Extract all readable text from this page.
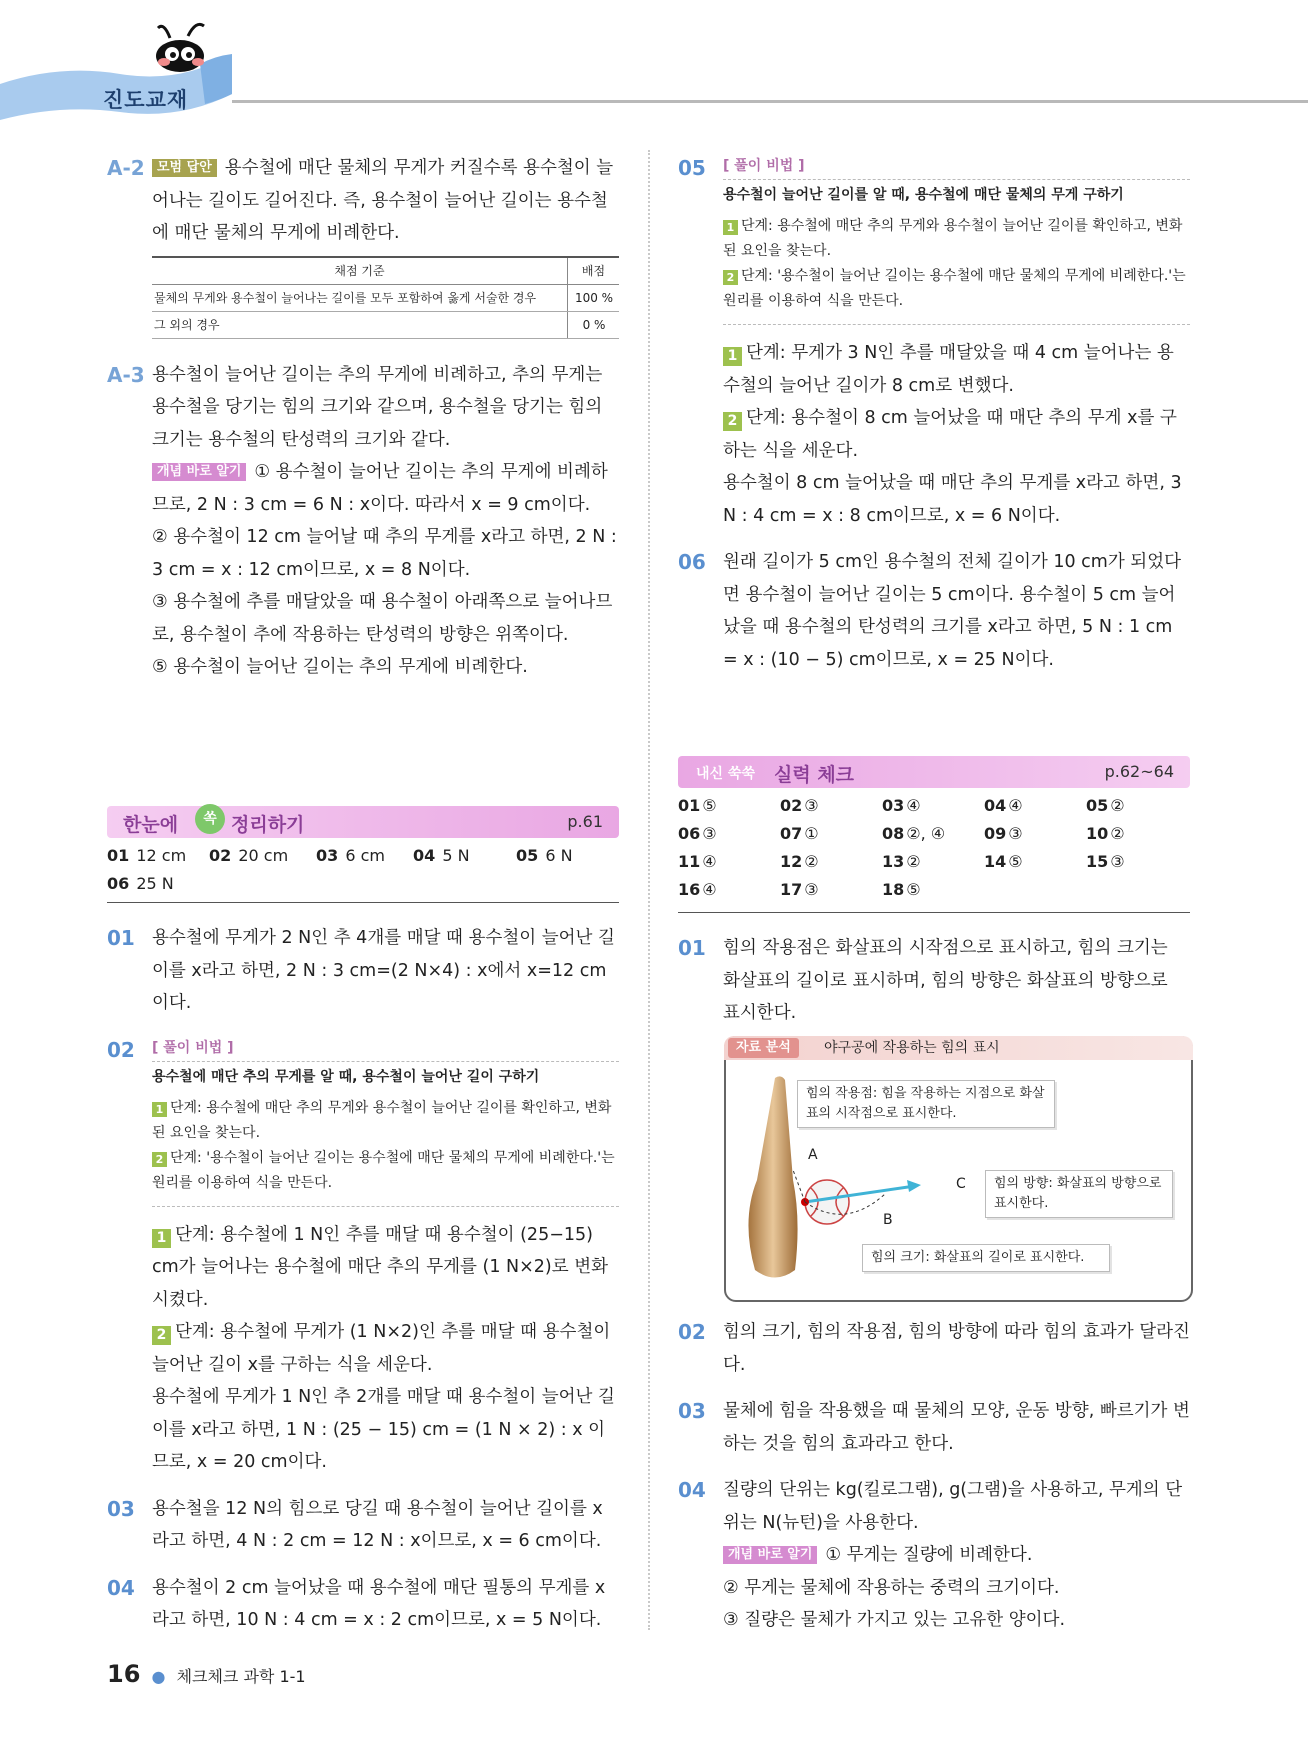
진도교재
A-2 모범 답안 용수철에 매단 물체의 무게가 커질수록 용수철이 늘어나는 길이도 길어진다. 즉, 용수철이 늘어난 길이는 용수철에 매단 물체의 무게에 비례한다.
채점 기준	배점
물체의 무게와 용수철이 늘어나는 길이를 모두 포함하여 옳게 서술한 경우	100 %
그 외의 경우	0 %
A-3 용수철이 늘어난 길이는 추의 무게에 비례하고, 추의 무게는 용수철을 당기는 힘의 크기와 같으며, 용수철을 당기는 힘의 크기는 용수철의 탄성력의 크기와 같다.
개념 바로 알기 ① 용수철이 늘어난 길이는 추의 무게에 비례하므로, 2 N : 3 cm = 6 N : x이다. 따라서 x = 9 cm이다.
② 용수철이 12 cm 늘어날 때 추의 무게를 x라고 하면, 2 N : 3 cm = x : 12 cm이므로, x = 8 N이다.
③ 용수철에 추를 매달았을 때 용수철이 아래쪽으로 늘어나므로, 용수철이 추에 작용하는 탄성력의 방향은 위쪽이다.
⑤ 용수철이 늘어난 길이는 추의 무게에 비례한다.
한눈에	쏙 정리하기	p.61
01 12 cm 02 20 cm 03 6 cm 04 5 N	05 6 N
06 25 N
01 용수철에 무게가 2 N인 추 4개를 매달 때 용수철이 늘어난 길이를 x라고 하면, 2 N : 3 cm=(2 N×4) : x에서 x=12 cm이다.
02 [ 풀이 비법 ]
용수철에 매단 추의 무게를 알 때, 용수철이 늘어난 길이 구하기
1 단계: 용수철에 매단 추의 무게와 용수철이 늘어난 길이를 확인하고, 변화된 요인을 찾는다.
2 단계: '용수철이 늘어난 길이는 용수철에 매단 물체의 무게에 비례한다.'는 원리를 이용하여 식을 만든다.
1 단계: 용수철에 1 N인 추를 매달 때 용수철이 (25−15) cm가 늘어나는 용수철에 매단 추의 무게를 (1 N×2)로 변화시켰다.
2 단계: 용수철에 무게가 (1 N×2)인 추를 매달 때 용수철이 늘어난 길이 x를 구하는 식을 세운다.
용수철에 무게가 1 N인 추 2개를 매달 때 용수철이 늘어난 길이를 x라고 하면, 1 N : (25 − 15) cm = (1 N × 2) : x 이므로, x = 20 cm이다.
03 용수철을 12 N의 힘으로 당길 때 용수철이 늘어난 길이를 x라고 하면, 4 N : 2 cm = 12 N : x이므로, x = 6 cm이다.
04 용수철이 2 cm 늘어났을 때 용수철에 매단 필통의 무게를 x라고 하면, 10 N : 4 cm = x : 2 cm이므로, x = 5 N이다.
05 [ 풀이 비법 ]
용수철이 늘어난 길이를 알 때, 용수철에 매단 물체의 무게 구하기
1 단계: 용수철에 매단 추의 무게와 용수철이 늘어난 길이를 확인하고, 변화된 요인을 찾는다.
2 단계: '용수철이 늘어난 길이는 용수철에 매단 물체의 무게에 비례한다.'는 원리를 이용하여 식을 만든다.
1 단계: 무게가 3 N인 추를 매달았을 때 4 cm 늘어나는 용수철의 늘어난 길이가 8 cm로 변했다.
2 단계: 용수철이 8 cm 늘어났을 때 매단 추의 무게 x를 구하는 식을 세운다.
용수철이 8 cm 늘어났을 때 매단 추의 무게를 x라고 하면, 3 N : 4 cm = x : 8 cm이므로, x = 6 N이다.
06 원래 길이가 5 cm인 용수철의 전체 길이가 10 cm가 되었다면 용수철이 늘어난 길이는 5 cm이다. 용수철이 5 cm 늘어났을 때 용수철의 탄성력의 크기를 x라고 하면, 5 N : 1 cm = x : (10 − 5) cm이므로, x = 25 N이다.
내신 쑥쑥 실력 체크	p.62~64
01 ⑤	02 ③	03 ④	04 ④	05 ②
06 ③	07 ①	08 ②, ④ 09 ③	10 ②
11 ④	12 ②	13 ②	14 ⑤	15 ③
16 ④	17 ③	18 ⑤
01 힘의 작용점은 화살표의 시작점으로 표시하고, 힘의 크기는 화살표의 길이로 표시하며, 힘의 방향은 화살표의 방향으로 표시한다.
자료 분석	야구공에 작용하는 힘의 표시
A
B
C
힘의 작용점: 힘을 작용하는 지점으로 화살표의 시작점으로 표시한다.
힘의 방향: 화살표의 방향으로 표시한다.
힘의 크기: 화살표의 길이로 표시한다.
02 힘의 크기, 힘의 작용점, 힘의 방향에 따라 힘의 효과가 달라진다.
03 물체에 힘을 작용했을 때 물체의 모양, 운동 방향, 빠르기가 변하는 것을 힘의 효과라고 한다.
04 질량의 단위는 kg(킬로그램), g(그램)을 사용하고, 무게의 단위는 N(뉴턴)을 사용한다.
개념 바로 알기 ① 무게는 질량에 비례한다.
② 무게는 물체에 작용하는 중력의 크기이다.
③ 질량은 물체가 가지고 있는 고유한 양이다.
16 ● 체크체크 과학 1-1
